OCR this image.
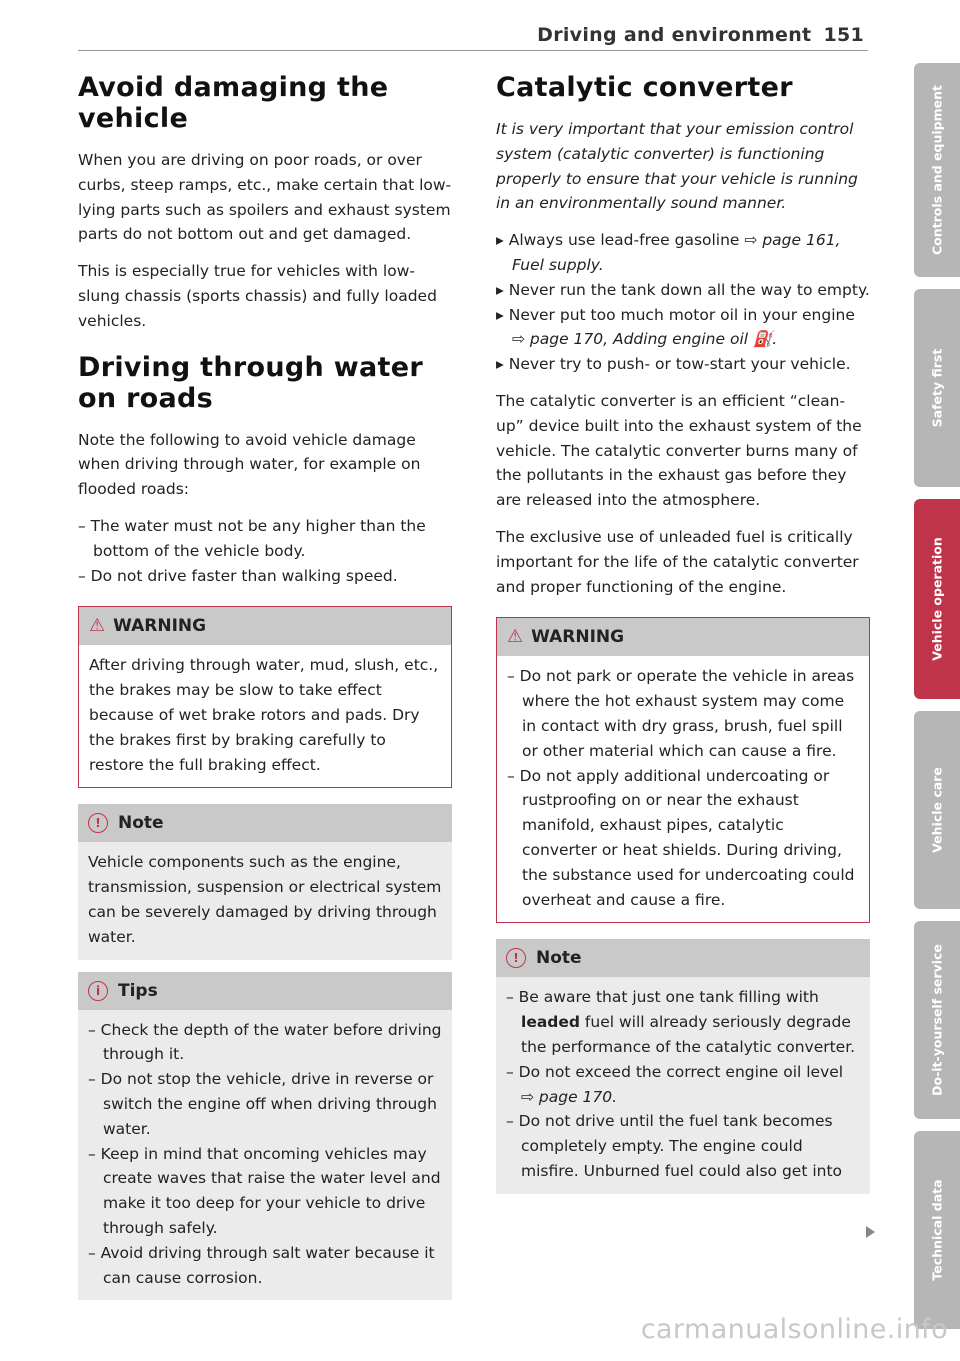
Driving and environment 151
Avoid damaging the vehicle

When you are driving on poor roads, or over curbs, steep ramps, etc., make certain that low-lying parts such as spoilers and exhaust system parts do not bottom out and get damaged.

This is especially true for vehicles with low-slung chassis (sports chassis) and fully loaded vehicles.

Driving through water on roads

Note the following to avoid vehicle damage when driving through water, for example on flooded roads:

– The water must not be any higher than the bottom of the vehicle body.
– Do not drive faster than walking speed.
⚠ WARNING

After driving through water, mud, slush, etc., the brakes may be slow to take effect because of wet brake rotors and pads. Dry the brakes first by braking carefully to restore the full braking effect.

! Note

Vehicle components such as the engine, transmission, suspension or electrical system can be severely damaged by driving through water.

i Tips
– Check the depth of the water before driving through it.
– Do not stop the vehicle, drive in reverse or switch the engine off when driving through water.
– Keep in mind that oncoming vehicles may create waves that raise the water level and make it too deep for your vehicle to drive through safely.
– Avoid driving through salt water because it can cause corrosion.
Catalytic converter

It is very important that your emission control system (catalytic converter) is functioning properly to ensure that your vehicle is running in an environmentally sound manner.

▸ Always use lead-free gasoline ⇨ page 161, Fuel supply.
▸ Never run the tank down all the way to empty.
▸ Never put too much motor oil in your engine ⇨ page 170, Adding engine oil ⛽.
▸ Never try to push- or tow-start your vehicle.

The catalytic converter is an efficient “clean-up” device built into the exhaust system of the vehicle. The catalytic converter burns many of the pollutants in the exhaust gas before they are released into the atmosphere.

The exclusive use of unleaded fuel is critically important for the life of the catalytic converter and proper functioning of the engine.

⚠ WARNING
– Do not park or operate the vehicle in areas where the hot exhaust system may come in contact with dry grass, brush, fuel spill or other material which can cause a fire.
– Do not apply additional undercoating or rustproofing on or near the exhaust manifold, exhaust pipes, catalytic converter or heat shields. During driving, the substance used for undercoating could overheat and cause a fire.
! Note
– Be aware that just one tank filling with leaded fuel will already seriously degrade the performance of the catalytic converter.
– Do not exceed the correct engine oil level ⇨ page 170.
– Do not drive until the fuel tank becomes completely empty. The engine could misfire. Unburned fuel could also get into
Controls and equipment
Safety first
Vehicle operation
Vehicle care
Do-it-yourself service
Technical data
carmanualsonline.info
